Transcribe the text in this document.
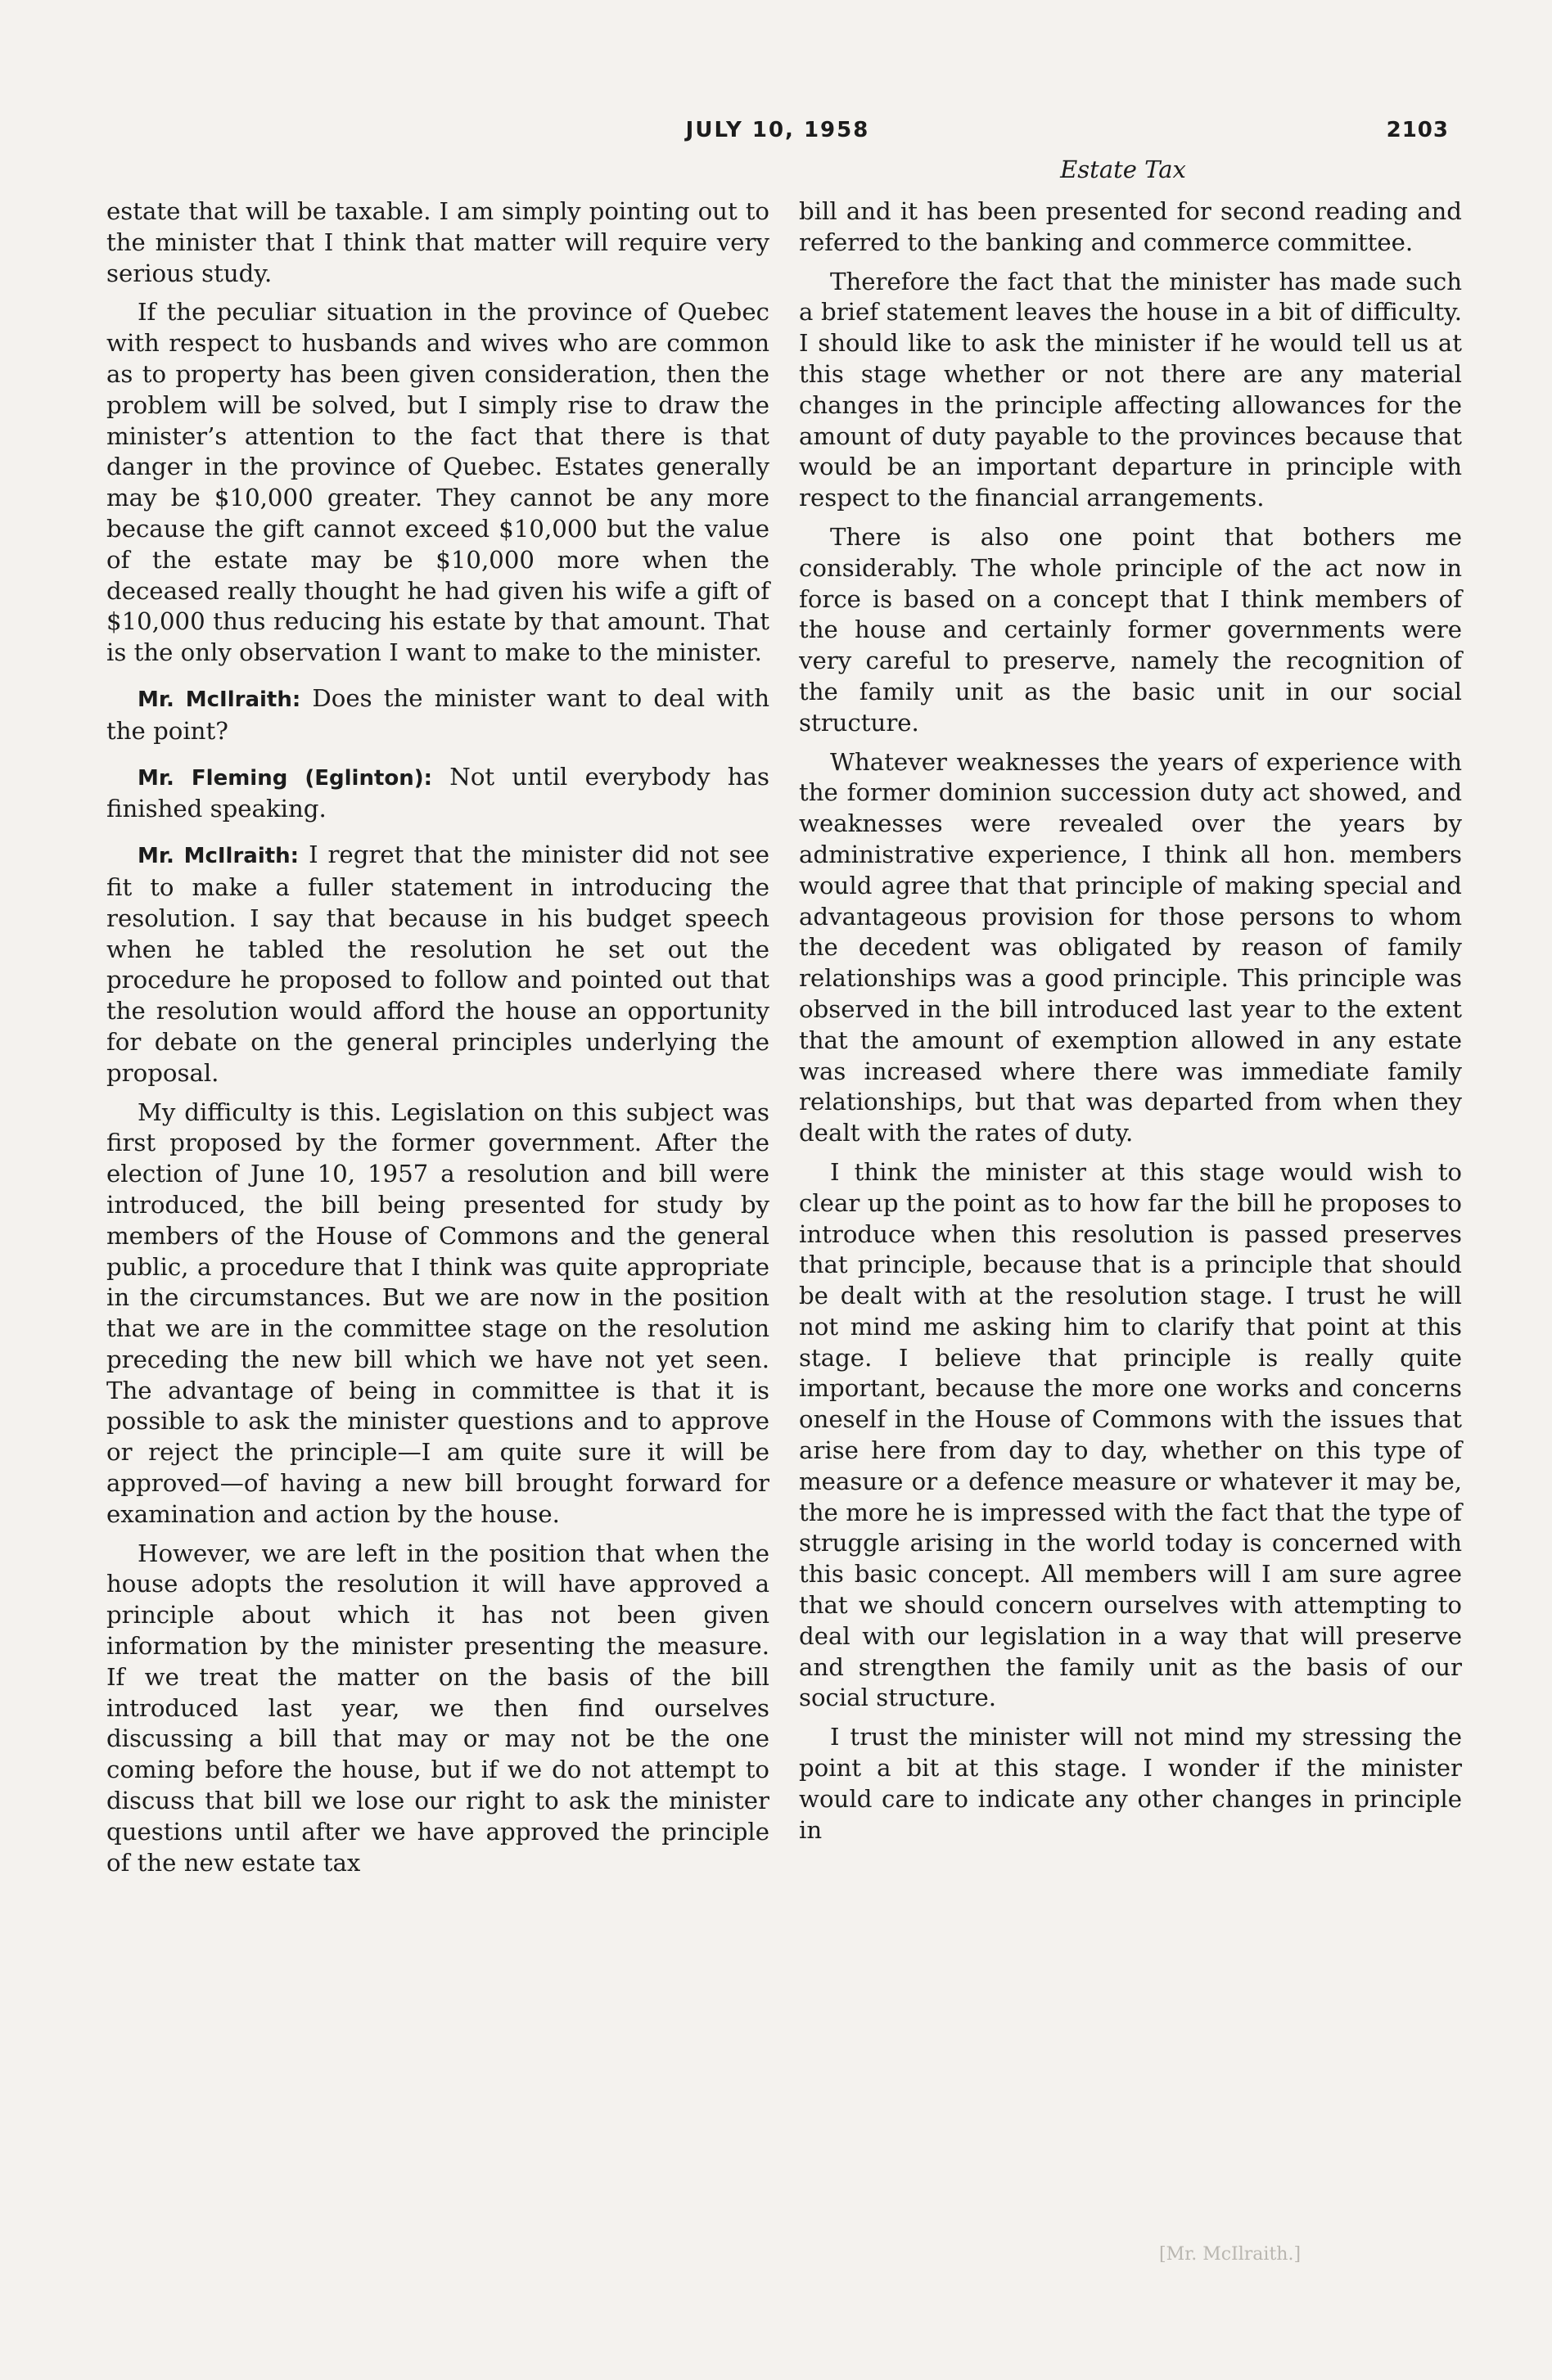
JULY 10, 1958	2103
Estate Tax

estate that will be taxable. I am simply pointing out to the minister that I think that matter will require very serious study.

If the peculiar situation in the province of Quebec with respect to husbands and wives who are common as to property has been given consideration, then the problem will be solved, but I simply rise to draw the minister’s attention to the fact that there is that danger in the province of Quebec. Estates generally may be $10,000 greater. They cannot be any more because the gift cannot exceed $10,000 but the value of the estate may be $10,000 more when the deceased really thought he had given his wife a gift of $10,000 thus reducing his estate by that amount. That is the only observation I want to make to the minister.

Mr. McIlraith: Does the minister want to deal with the point?

Mr. Fleming (Eglinton): Not until everybody has finished speaking.

Mr. McIlraith: I regret that the minister did not see fit to make a fuller statement in introducing the resolution. I say that because in his budget speech when he tabled the resolution he set out the procedure he proposed to follow and pointed out that the resolution would afford the house an opportunity for debate on the general principles underlying the proposal.

My difficulty is this. Legislation on this subject was first proposed by the former government. After the election of June 10, 1957 a resolution and bill were introduced, the bill being presented for study by members of the House of Commons and the general public, a procedure that I think was quite appropriate in the circumstances. But we are now in the position that we are in the committee stage on the resolution preceding the new bill which we have not yet seen. The advantage of being in committee is that it is possible to ask the minister questions and to approve or reject the principle—I am quite sure it will be approved—of having a new bill brought forward for examination and action by the house.

However, we are left in the position that when the house adopts the resolution it will have approved a principle about which it has not been given information by the minister presenting the measure. If we treat the matter on the basis of the bill introduced last year, we then find ourselves discussing a bill that may or may not be the one coming before the house, but if we do not attempt to discuss that bill we lose our right to ask the minister questions until after we have approved the principle of the new estate tax

bill and it has been presented for second reading and referred to the banking and commerce committee.

Therefore the fact that the minister has made such a brief statement leaves the house in a bit of difficulty. I should like to ask the minister if he would tell us at this stage whether or not there are any material changes in the principle affecting allowances for the amount of duty payable to the provinces because that would be an important departure in principle with respect to the financial arrangements.

There is also one point that bothers me considerably. The whole principle of the act now in force is based on a concept that I think members of the house and certainly former governments were very careful to preserve, namely the recognition of the family unit as the basic unit in our social structure.

Whatever weaknesses the years of experience with the former dominion succession duty act showed, and weaknesses were revealed over the years by administrative experience, I think all hon. members would agree that that principle of making special and advantageous provision for those persons to whom the decedent was obligated by reason of family relationships was a good principle. This principle was observed in the bill introduced last year to the extent that the amount of exemption allowed in any estate was increased where there was immediate family relationships, but that was departed from when they dealt with the rates of duty.

I think the minister at this stage would wish to clear up the point as to how far the bill he proposes to introduce when this resolution is passed preserves that principle, because that is a principle that should be dealt with at the resolution stage. I trust he will not mind me asking him to clarify that point at this stage. I believe that principle is really quite important, because the more one works and concerns oneself in the House of Commons with the issues that arise here from day to day, whether on this type of measure or a defence measure or whatever it may be, the more he is impressed with the fact that the type of struggle arising in the world today is concerned with this basic concept. All members will I am sure agree that we should concern ourselves with attempting to deal with our legislation in a way that will preserve and strengthen the family unit as the basis of our social structure.

I trust the minister will not mind my stressing the point a bit at this stage. I wonder if the minister would care to indicate any other changes in principle in

[Mr. McIlraith.]
